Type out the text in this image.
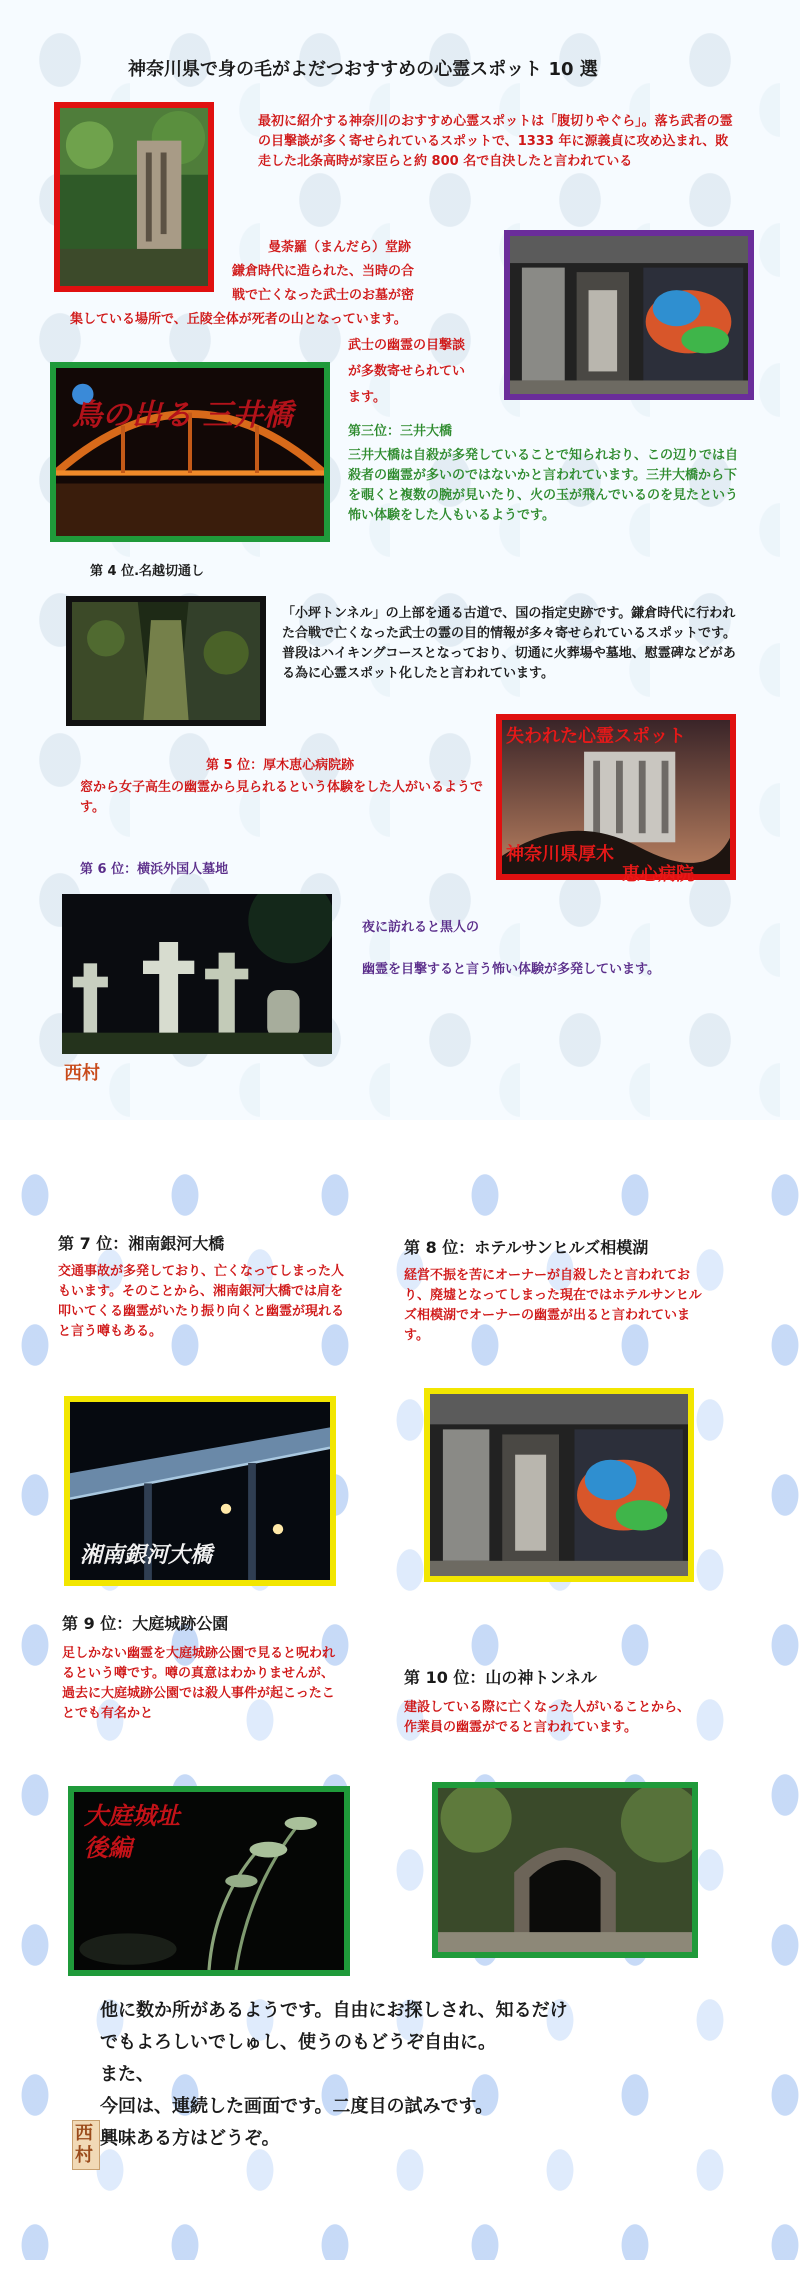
神奈川県で身の毛がよだつおすすめの心霊スポット 10 選
最初に紹介する神奈川のおすすめ心霊スポットは「腹切りやぐら」。落ち武者の霊の目撃談が多く寄せられているスポットで、1333 年に源義貞に攻め込まれ、敗走した北条高時が家臣らと約 800 名で自決したと言われている
曼荼羅（まんだら）堂跡
鎌倉時代に造られた、当時の合
戦で亡くなった武士のお墓が密
集している場所で、丘陵全体が死者の山となっています。
武士の幽霊の目撃談
が多数寄せられてい
ます。
鳥の出る 三井橋	第三位：三井大橋
三井大橋は自殺が多発していることで知られおり、この辺りでは自殺者の幽霊が多いのではないかと言われています。三井大橋から下を覗くと複数の腕が見いたり、火の玉が飛んでいるのを見たという怖い体験をした人もいるようです。
第 4 位.名越切通し
「小坪トンネル」の上部を通る古道で、国の指定史跡です。鎌倉時代に行われた合戦で亡くなった武士の霊の目的情報が多々寄せられているスポットです。普段はハイキングコースとなっており、切通に火葬場や墓地、慰霊碑などがある為に心霊スポット化したと言われています。
第 5 位：厚木恵心病院跡
窓から女子高生の幽霊から見られるという体験をした人がいるようです。
失われた心霊スポット
神奈川県厚木
恵心病院
第 6 位：横浜外国人墓地
夜に訪れると黒人の
幽霊を目撃すると言う怖い体験が多発しています。
西村
第 7 位：湘南銀河大橋
交通事故が多発しており、亡くなってしまった人もいます。そのことから、湘南銀河大橋では肩を叩いてくる幽霊がいたり振り向くと幽霊が現れると言う噂もある。
第 8 位：ホテルサンヒルズ相模湖
経営不振を苦にオーナーが自殺したと言われており、廃墟となってしまった現在ではホテルサンヒルズ相模湖でオーナーの幽霊が出ると言われています。
湘南銀河大橋
第 9 位：大庭城跡公園
足しかない幽霊を大庭城跡公園で見ると呪われるという噂です。噂の真意はわかりませんが、過去に大庭城跡公園では殺人事件が起こったことでも有名かと
第 10 位：山の神トンネル
建設している際に亡くなった人がいることから、作業員の幽霊がでると言われています。
大庭城址 後編
他に数か所があるようです。自由にお探しされ、知るだけ
でもよろしいでしゅし、使うのもどうぞ自由に。
また、
今回は、連続した画面です。二度目の試みです。
興味ある方はどうぞ。
西村
